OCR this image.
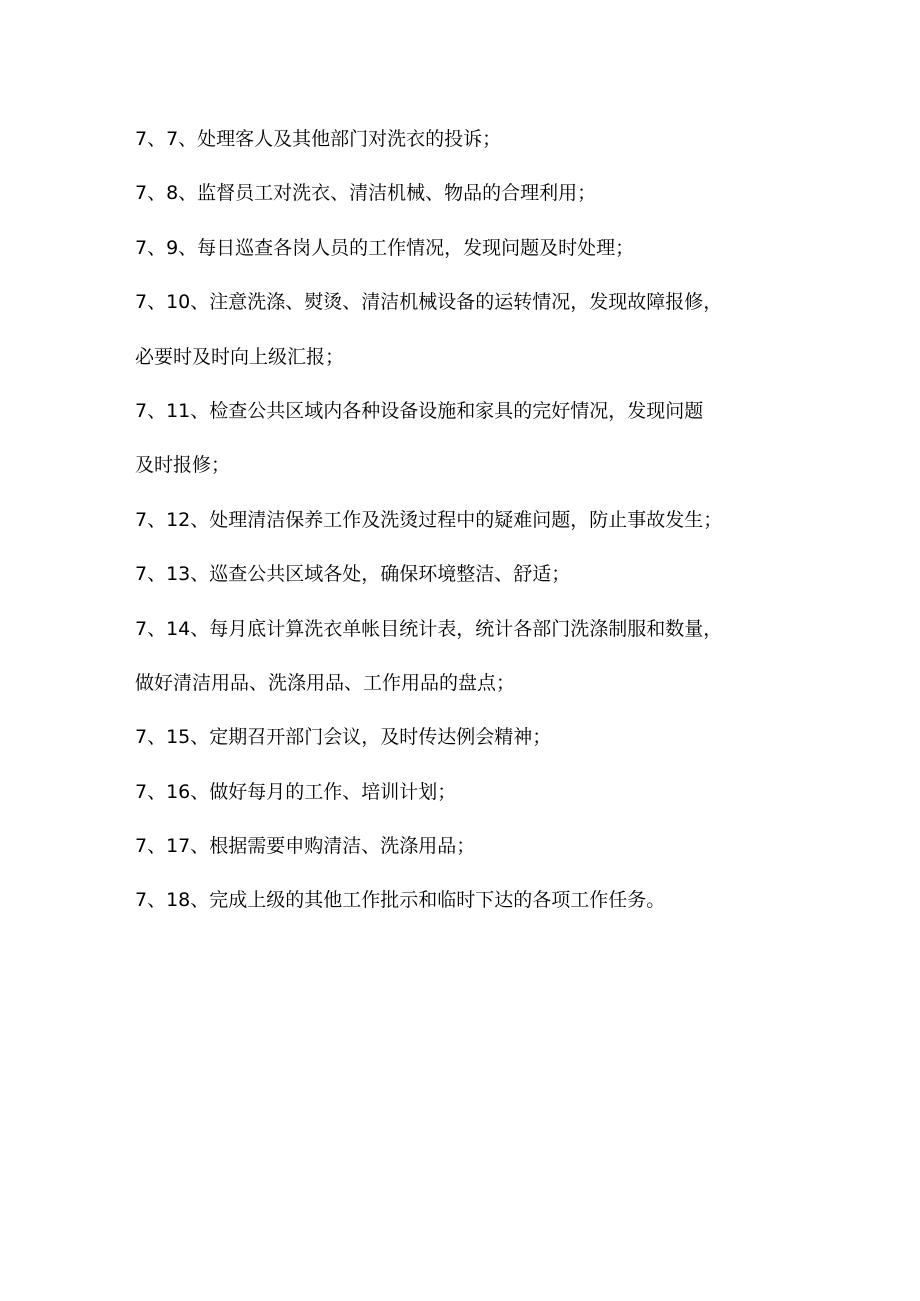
7、7、处理客人及其他部门对洗衣的投诉；
7、8、监督员工对洗衣、清洁机械、物品的合理利用；
7、9、每日巡查各岗人员的工作情况，发现问题及时处理；
7、10、注意洗涤、熨烫、清洁机械设备的运转情况，发现故障报修，
必要时及时向上级汇报；
7、11、检查公共区域内各种设备设施和家具的完好情况，发现问题
及时报修；
7、12、处理清洁保养工作及洗烫过程中的疑难问题，防止事故发生；
7、13、巡查公共区域各处，确保环境整洁、舒适；
7、14、每月底计算洗衣单帐目统计表，统计各部门洗涤制服和数量，
做好清洁用品、洗涤用品、工作用品的盘点；
7、15、定期召开部门会议，及时传达例会精神；
7、16、做好每月的工作、培训计划；
7、17、根据需要申购清洁、洗涤用品；
7、18、完成上级的其他工作批示和临时下达的各项工作任务。
